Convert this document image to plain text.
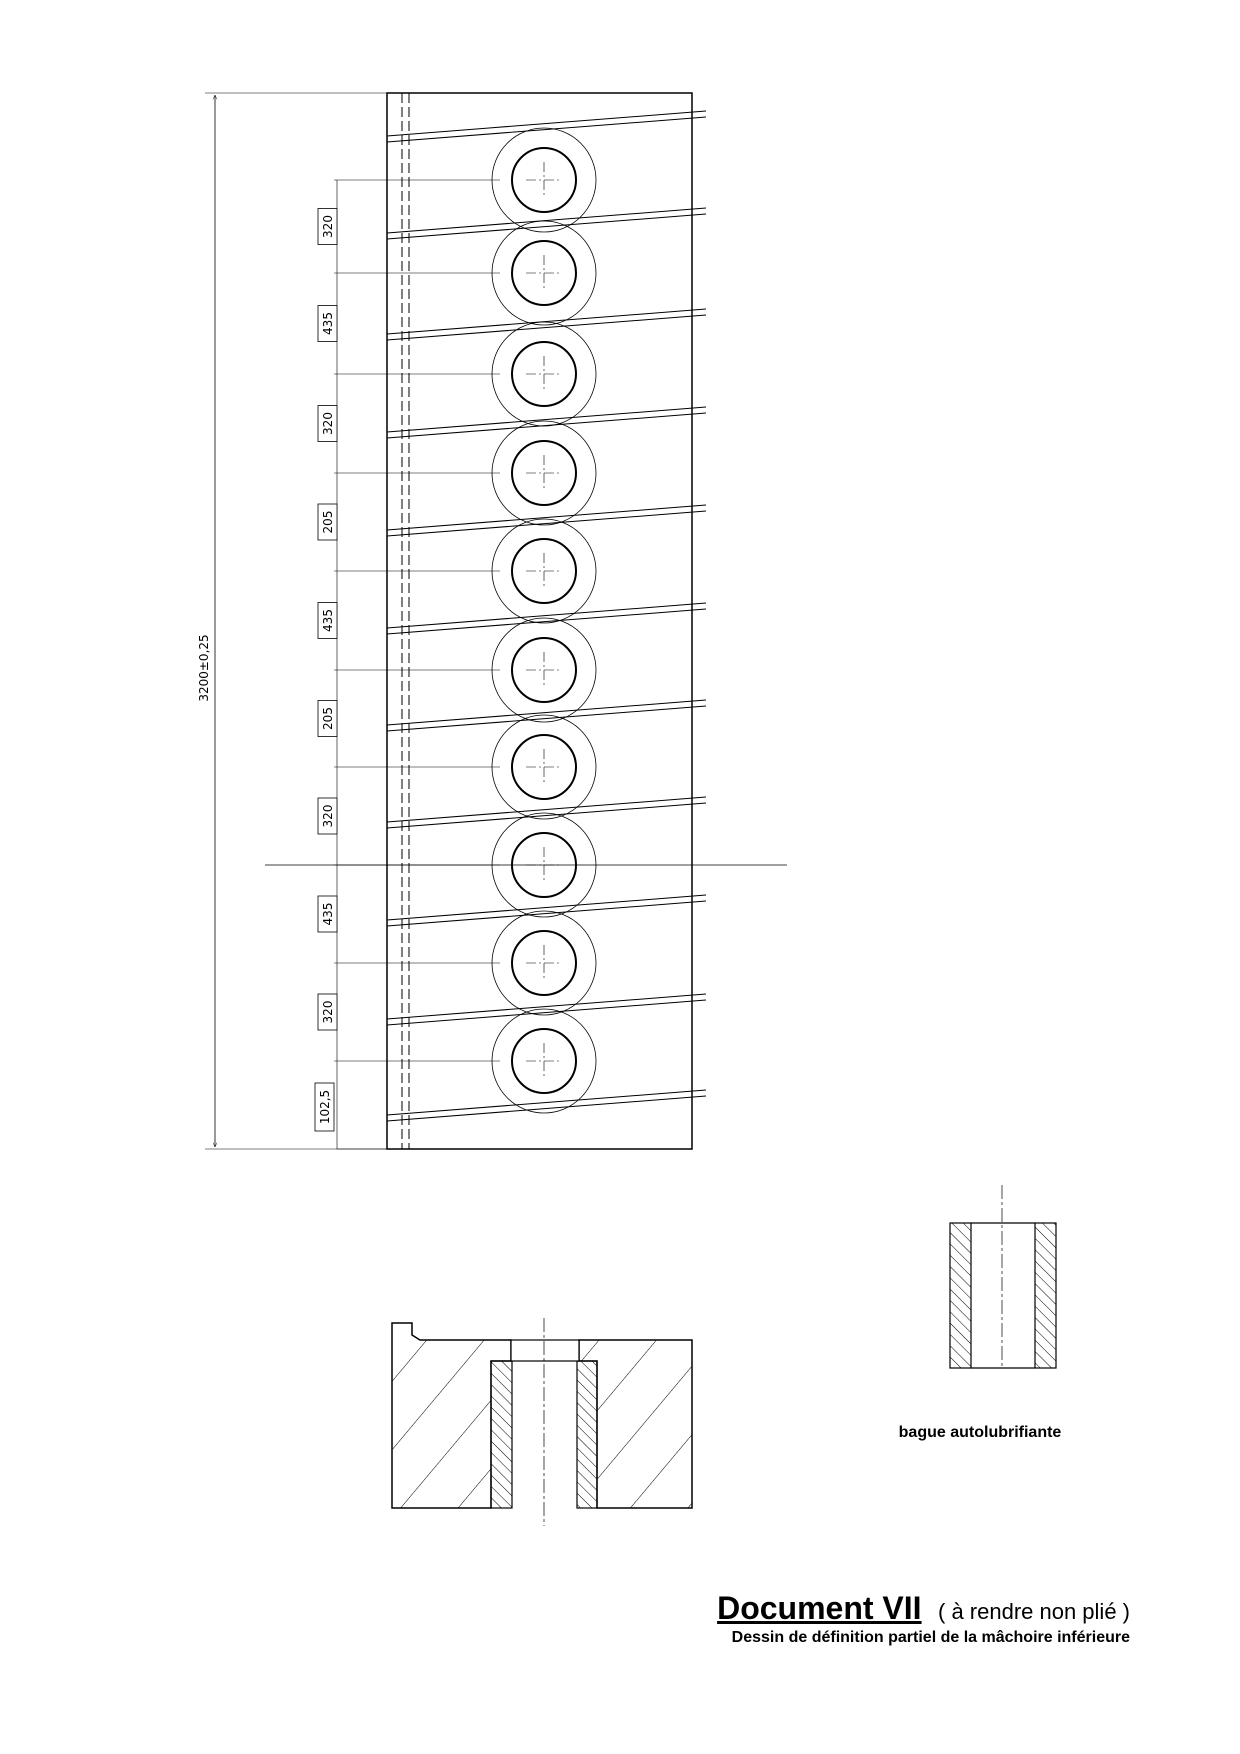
3200±0,25
320
435
320
205
435
205
320
435
320
102,5
bague autolubrifiante
Document VII ( à rendre non plié )
Dessin de définition partiel de la mâchoire inférieure
